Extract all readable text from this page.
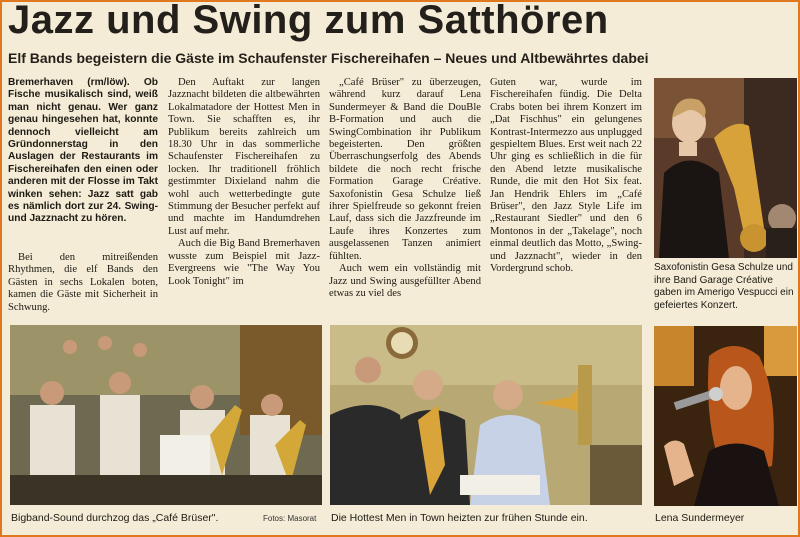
Jazz und Swing zum Satthören
Elf Bands begeistern die Gäste im Schaufenster Fischereihafen – Neues und Altbewährtes dabei

Bremerhaven (rm/löw). Ob Fische musikalisch sind, weiß man nicht genau. Wer ganz genau hingesehen hat, konnte dennoch vielleicht am Gründonnerstag in den Auslagen der Restaurants im Fischereihafen den einen oder anderen mit der Flosse im Takt winken sehen: Jazz satt gab es nämlich dort zur 24. Swing- und Jazznacht zu hören.

Bei den mitreißenden Rhythmen, die elf Bands den Gästen in sechs Lokalen boten, kamen die Gäste mit Sicherheit in Schwung.

Den Auftakt zur langen Jazznacht bildeten die altbewährten Lokalmatadore der Hottest Men in Town. Sie schafften es, ihr Publikum bereits zahlreich um 18.30 Uhr in das sommerliche Schaufenster Fischereihafen zu locken. Ihr traditionell fröhlich gestimmter Dixieland nahm die wohl auch wetterbedingte gute Stimmung der Besucher perfekt auf und machte im Handumdrehen Lust auf mehr.

Auch die Big Band Bremerhaven wusste zum Beispiel mit Jazz-Evergreens wie "The Way You Look Tonight" im

„Café Brüser" zu überzeugen, während kurz darauf Lena Sundermeyer & Band die DouBle B-Formation und auch die SwingCombination ihr Publikum begeisterten. Den größten Überraschungserfolg des Abends bildete die noch recht frische Formation Garage Créative. Saxofonistin Gesa Schulze ließ ihrer Spielfreude so gekonnt freien Lauf, dass sich die Jazzfreunde im Laufe ihres Konzertes zum ausgelassenen Tanzen animiert fühlten.

Auch wem ein vollständig mit Jazz und Swing ausgefüllter Abend etwas zu viel des

Guten war, wurde im Fischereihafen fündig. Die Delta Crabs boten bei ihrem Konzert im „Dat Fischhus" ein gelungenes Kontrast-Intermezzo aus unplugged gespieltem Blues. Erst weit nach 22 Uhr ging es schließlich in die für den Abend letzte musikalische Runde, die mit den Hot Six feat. Jan Hendrik Ehlers im „Café Brüser", den Jazz Style Life im „Restaurant Siedler" und den 6 Montonos in der „Takelage", noch einmal deutlich das Motto, „Swing- und Jazznacht", wieder in den Vordergrund schob.	Saxofonistin Gesa Schulze und ihre Band Garage Créative gaben im Amerigo Vespucci ein gefeiertes Konzert.
Bigband-Sound durchzog das „Café Brüser".	Fotos: Masorat Die Hottest Men in Town heizten zur frühen Stunde ein.	Lena Sundermeyer
